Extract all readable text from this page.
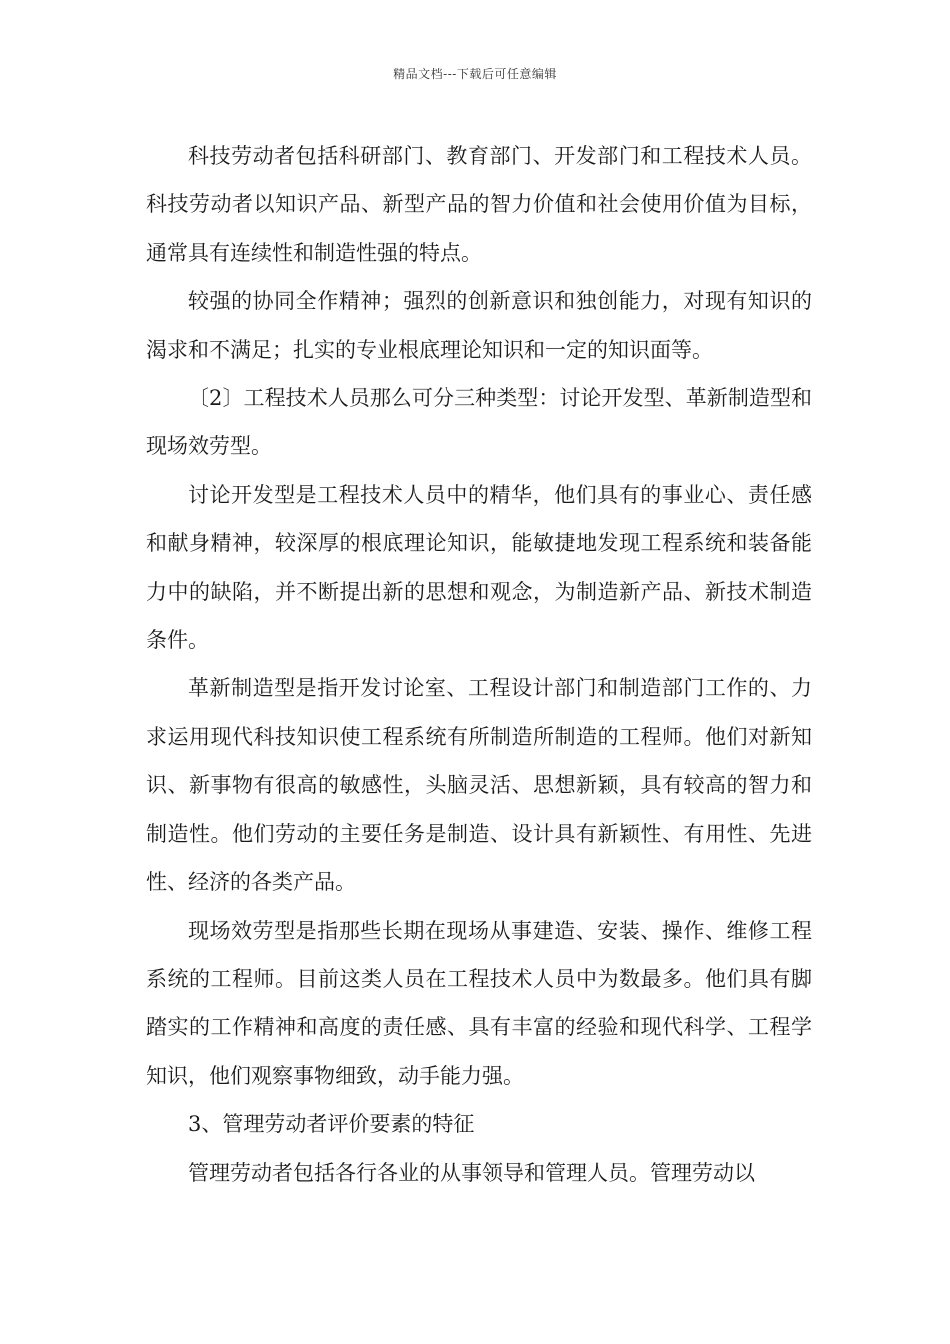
精品文档---下载后可任意编辑

科技劳动者包括科研部门、教育部门、开发部门和工程技术人员。科技劳动者以知识产品、新型产品的智力价值和社会使用价值为目标，通常具有连续性和制造性强的特点。

较强的协同全作精神；强烈的创新意识和独创能力，对现有知识的渴求和不满足；扎实的专业根底理论知识和一定的知识面等。

〔2〕工程技术人员那么可分三种类型：讨论开发型、革新制造型和现场效劳型。

讨论开发型是工程技术人员中的精华，他们具有的事业心、责任感和献身精神，较深厚的根底理论知识，能敏捷地发现工程系统和装备能力中的缺陷，并不断提出新的思想和观念，为制造新产品、新技术制造条件。

革新制造型是指开发讨论室、工程设计部门和制造部门工作的、力求运用现代科技知识使工程系统有所制造所制造的工程师。他们对新知识、新事物有很高的敏感性，头脑灵活、思想新颖，具有较高的智力和制造性。他们劳动的主要任务是制造、设计具有新颖性、有用性、先进性、经济的各类产品。

现场效劳型是指那些长期在现场从事建造、安装、操作、维修工程系统的工程师。目前这类人员在工程技术人员中为数最多。他们具有脚踏实的工作精神和高度的责任感、具有丰富的经验和现代科学、工程学知识，他们观察事物细致，动手能力强。

3、管理劳动者评价要素的特征

管理劳动者包括各行各业的从事领导和管理人员。管理劳动以
